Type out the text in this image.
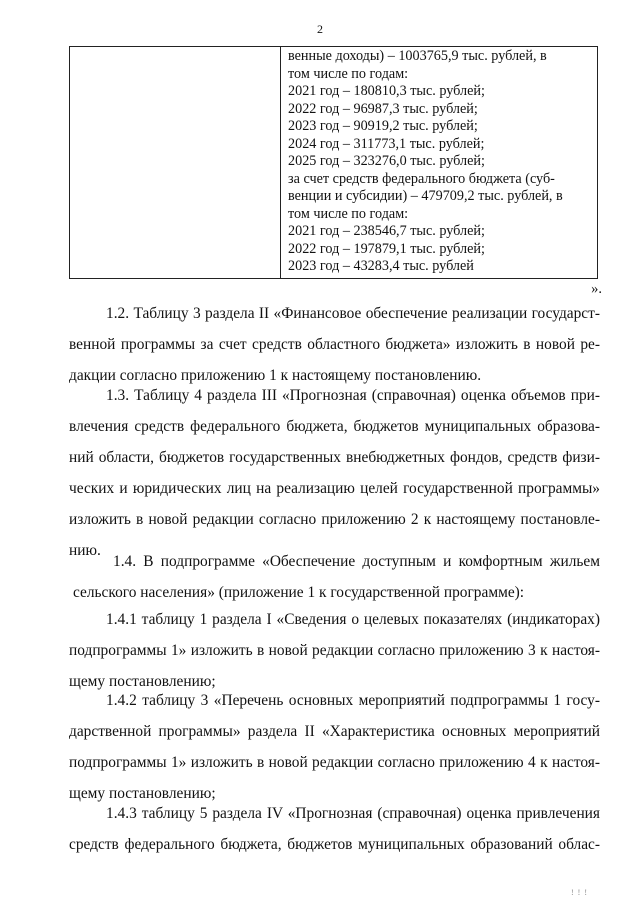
2
венные доходы) – 1003765,9 тыс. рублей, в
том числе по годам:
2021 год – 180810,3 тыс. рублей;
2022 год – 96987,3 тыс. рублей;
2023 год – 90919,2 тыс. рублей;
2024 год – 311773,1 тыс. рублей;
2025 год – 323276,0 тыс. рублей;
за счет средств федерального бюджета (суб-
венции и субсидии) – 479709,2 тыс. рублей, в
том числе по годам:
2021 год – 238546,7 тыс. рублей;
2022 год – 197879,1 тыс. рублей;
2023 год – 43283,4 тыс. рублей
».
1.2. Таблицу 3 раздела II «Финансовое обеспечение реализации государст-
венной программы за счет средств областного бюджета» изложить в новой ре-
дакции согласно приложению 1 к настоящему постановлению.
1.3. Таблицу 4 раздела III «Прогнозная (справочная) оценка объемов при-
влечения средств федерального бюджета, бюджетов муниципальных образова-
ний области, бюджетов государственных внебюджетных фондов, средств физи-
ческих и юридических лиц на реализацию целей государственной программы»
изложить в новой редакции согласно приложению 2 к настоящему постановле-
нию.
1.4. В подпрограмме «Обеспечение доступным и комфортным жильем
сельского населения» (приложение 1 к государственной программе):
1.4.1 таблицу 1 раздела I «Сведения о целевых показателях (индикаторах)
подпрограммы 1» изложить в новой редакции согласно приложению 3 к настоя-
щему постановлению;
1.4.2 таблицу 3 «Перечень основных мероприятий подпрограммы 1 госу-
дарственной программы» раздела II «Характеристика основных мероприятий
подпрограммы 1» изложить в новой редакции согласно приложению 4 к настоя-
щему постановлению;
1.4.3 таблицу 5 раздела IV «Прогнозная (справочная) оценка привлечения
средств федерального бюджета, бюджетов муниципальных образований облас-
! ! !
